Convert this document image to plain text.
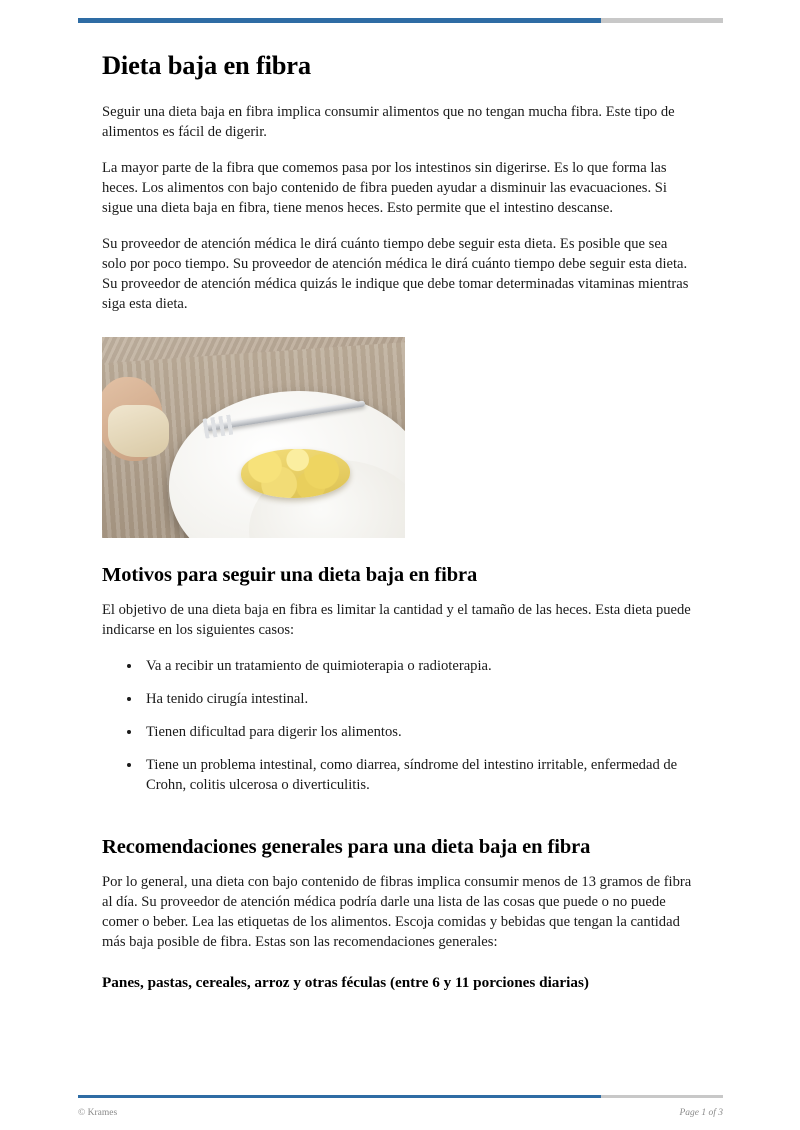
Dieta baja en fibra

Seguir una dieta baja en fibra implica consumir alimentos que no tengan mucha fibra. Este tipo de alimentos es fácil de digerir.

La mayor parte de la fibra que comemos pasa por los intestinos sin digerirse. Es lo que forma las heces. Los alimentos con bajo contenido de fibra pueden ayudar a disminuir las evacuaciones. Si sigue una dieta baja en fibra, tiene menos heces. Esto permite que el intestino descanse.

Su proveedor de atención médica le dirá cuánto tiempo debe seguir esta dieta. Es posible que sea solo por poco tiempo. Su proveedor de atención médica le dirá cuánto tiempo debe seguir esta dieta. Su proveedor de atención médica quizás le indique que debe tomar determinadas vitaminas mientras siga esta dieta.

Motivos para seguir una dieta baja en fibra

El objetivo de una dieta baja en fibra es limitar la cantidad y el tamaño de las heces. Esta dieta puede indicarse en los siguientes casos:

• Va a recibir un tratamiento de quimioterapia o radioterapia.
• Ha tenido cirugía intestinal.
• Tienen dificultad para digerir los alimentos.
• Tiene un problema intestinal, como diarrea, síndrome del intestino irritable, enfermedad de Crohn, colitis ulcerosa o diverticulitis.
Recomendaciones generales para una dieta baja en fibra

Por lo general, una dieta con bajo contenido de fibras implica consumir menos de 13 gramos de fibra al día. Su proveedor de atención médica podría darle una lista de las cosas que puede o no puede comer o beber. Lea las etiquetas de los alimentos. Escoja comidas y bebidas que tengan la cantidad más baja posible de fibra. Estas son las recomendaciones generales:

Panes, pastas, cereales, arroz y otras féculas (entre 6 y 11 porciones diarias)

© Krames	Page 1 of 3
